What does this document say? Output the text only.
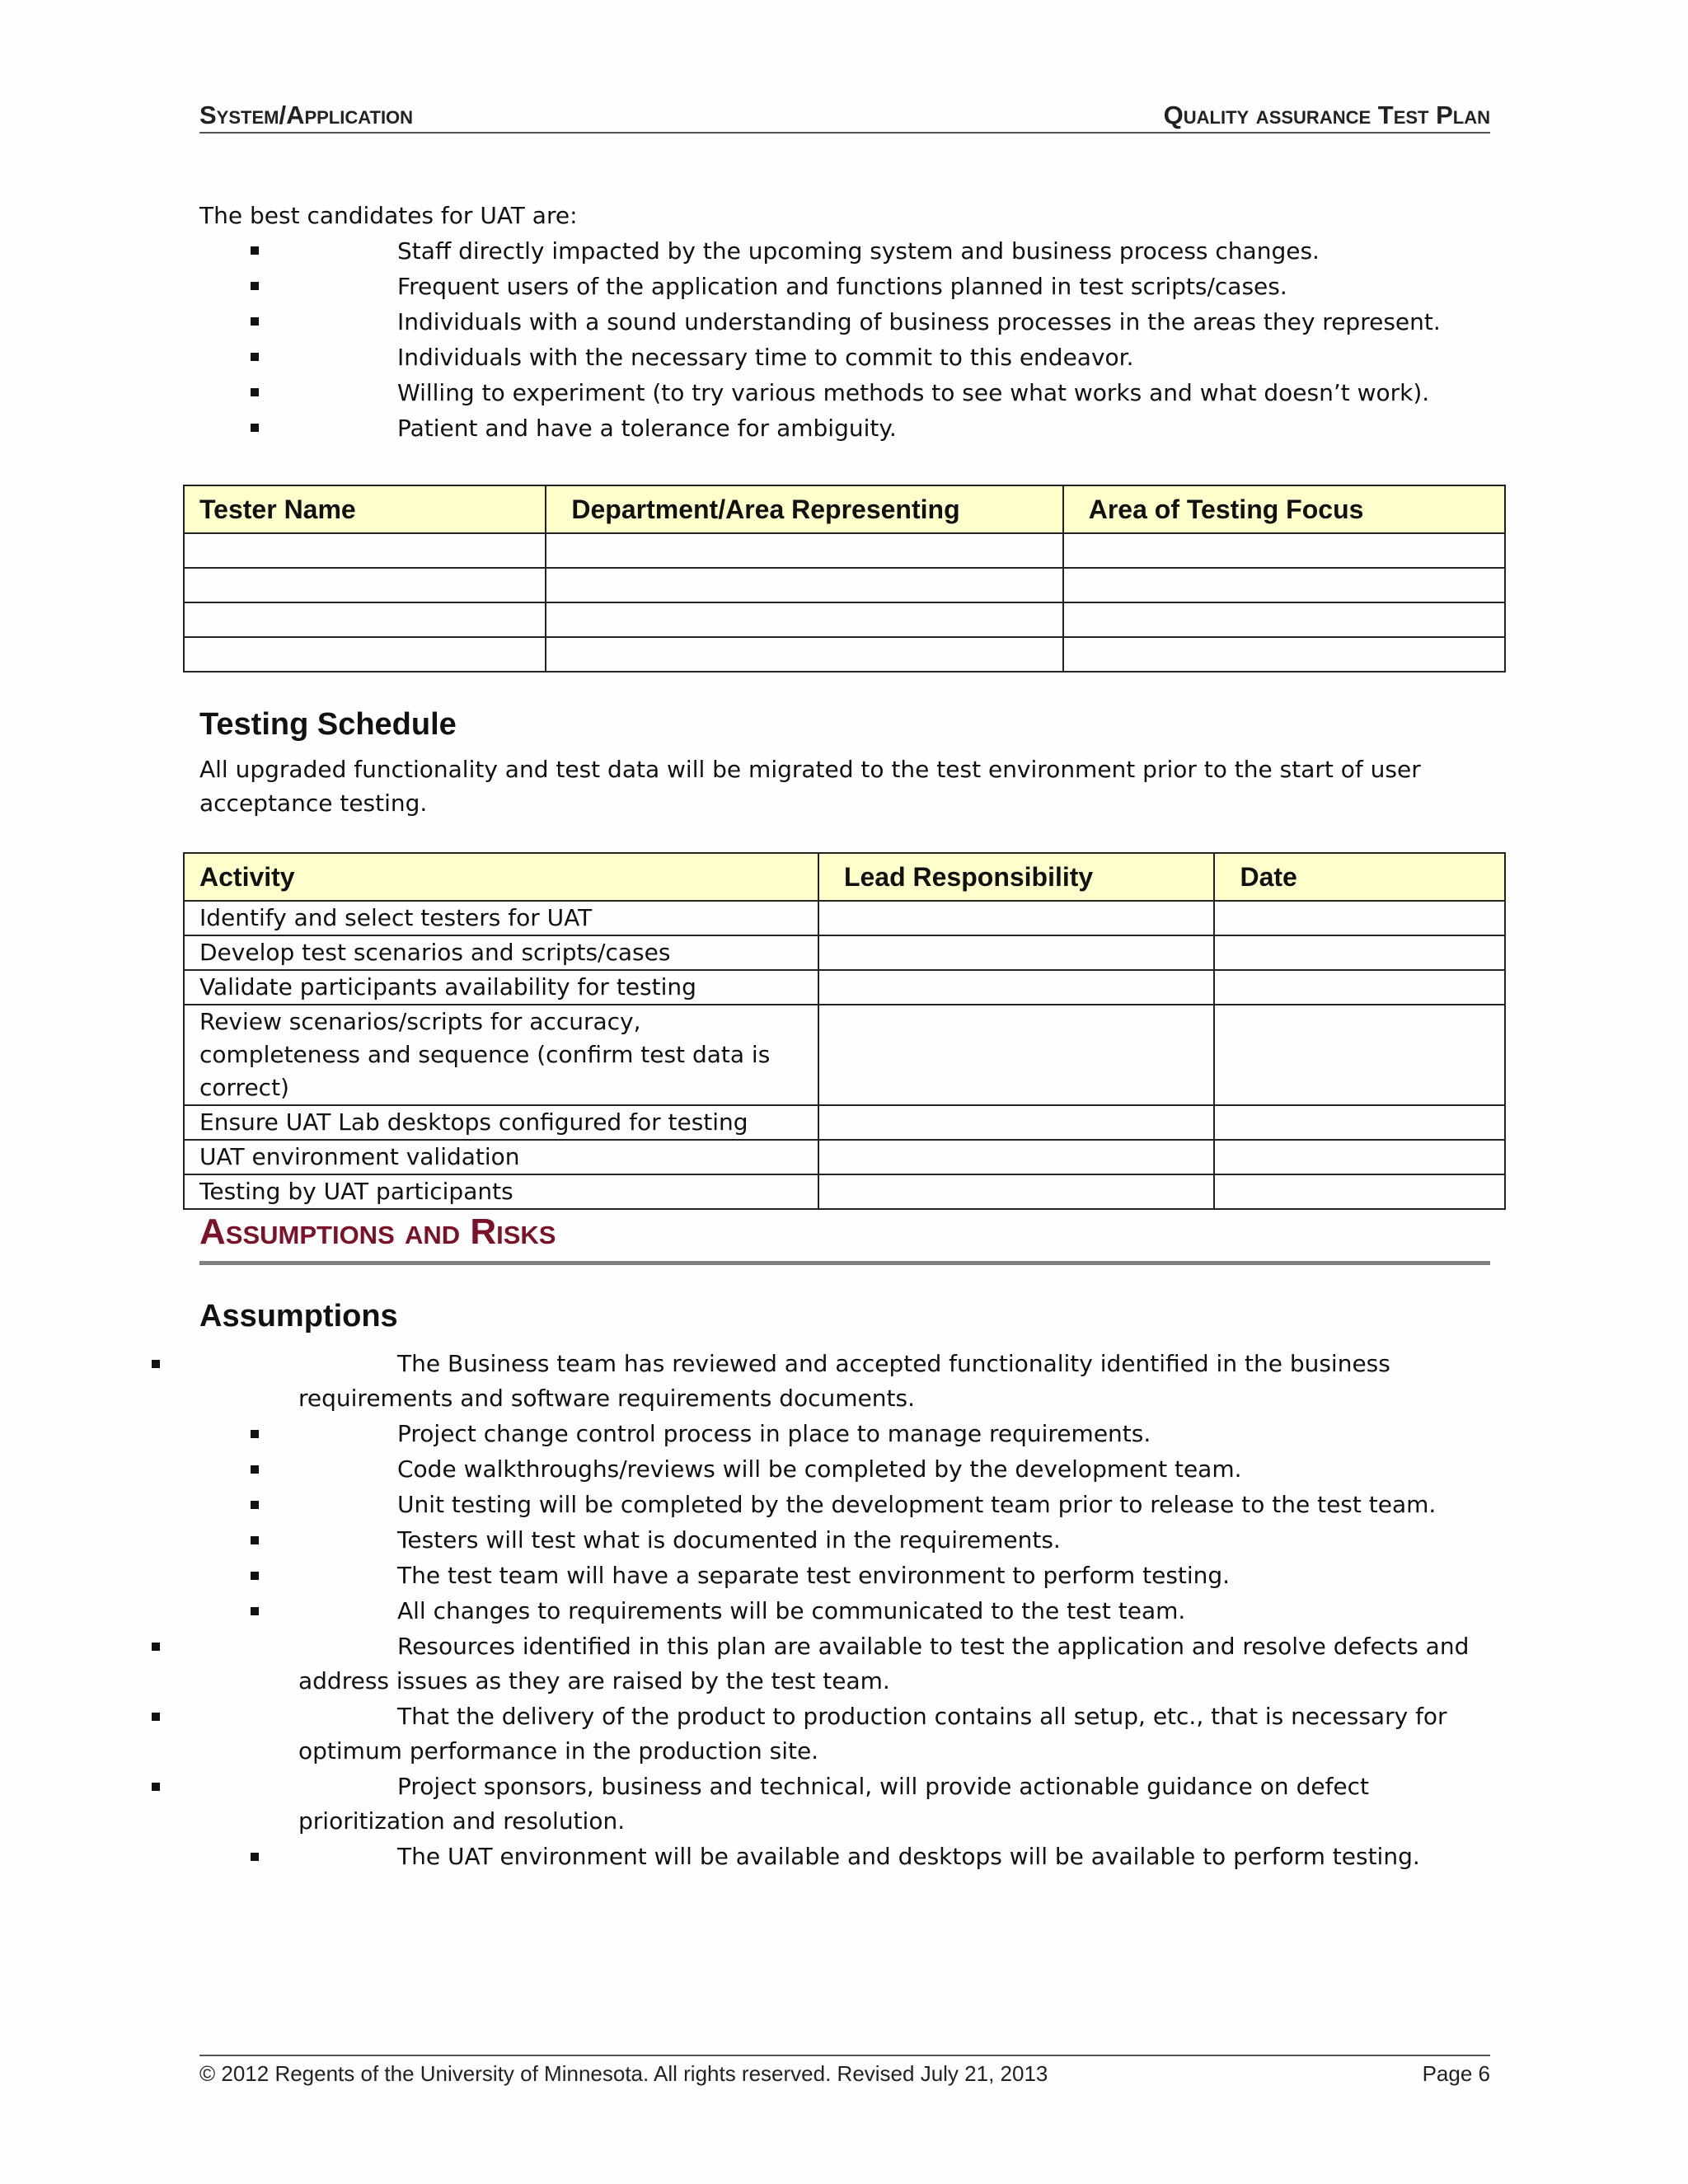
System/Application	Quality assurance Test Plan
The best candidates for UAT are:
Staff directly impacted by the upcoming system and business process changes.
Frequent users of the application and functions planned in test scripts/cases.
Individuals with a sound understanding of business processes in the areas they represent.
Individuals with the necessary time to commit to this endeavor.
Willing to experiment (to try various methods to see what works and what doesn’t work).
Patient and have a tolerance for ambiguity.
Tester Name	Department/Area Representing	Area of Testing Focus

Testing Schedule
All upgraded functionality and test data will be migrated to the test environment prior to the start of user acceptance testing.
Activity	Lead Responsibility	Date
Identify and select testers for UAT		
Develop test scenarios and scripts/cases		
Validate participants availability for testing		
Review scenarios/scripts for accuracy, completeness and sequence (confirm test data is correct)		
Ensure UAT Lab desktops configured for testing		
UAT environment validation		
Testing by UAT participants		
Assumptions and Risks
Assumptions
The Business team has reviewed and accepted functionality identified in the business requirements and software requirements documents.
Project change control process in place to manage requirements.
Code walkthroughs/reviews will be completed by the development team.
Unit testing will be completed by the development team prior to release to the test team.
Testers will test what is documented in the requirements.
The test team will have a separate test environment to perform testing.
All changes to requirements will be communicated to the test team.
Resources identified in this plan are available to test the application and resolve defects and address issues as they are raised by the test team.
That the delivery of the product to production contains all setup, etc., that is necessary for optimum performance in the production site.
Project sponsors, business and technical, will provide actionable guidance on defect prioritization and resolution.
The UAT environment will be available and desktops will be available to perform testing.
© 2012 Regents of the University of Minnesota. All rights reserved. Revised July 21, 2013	Page 6
